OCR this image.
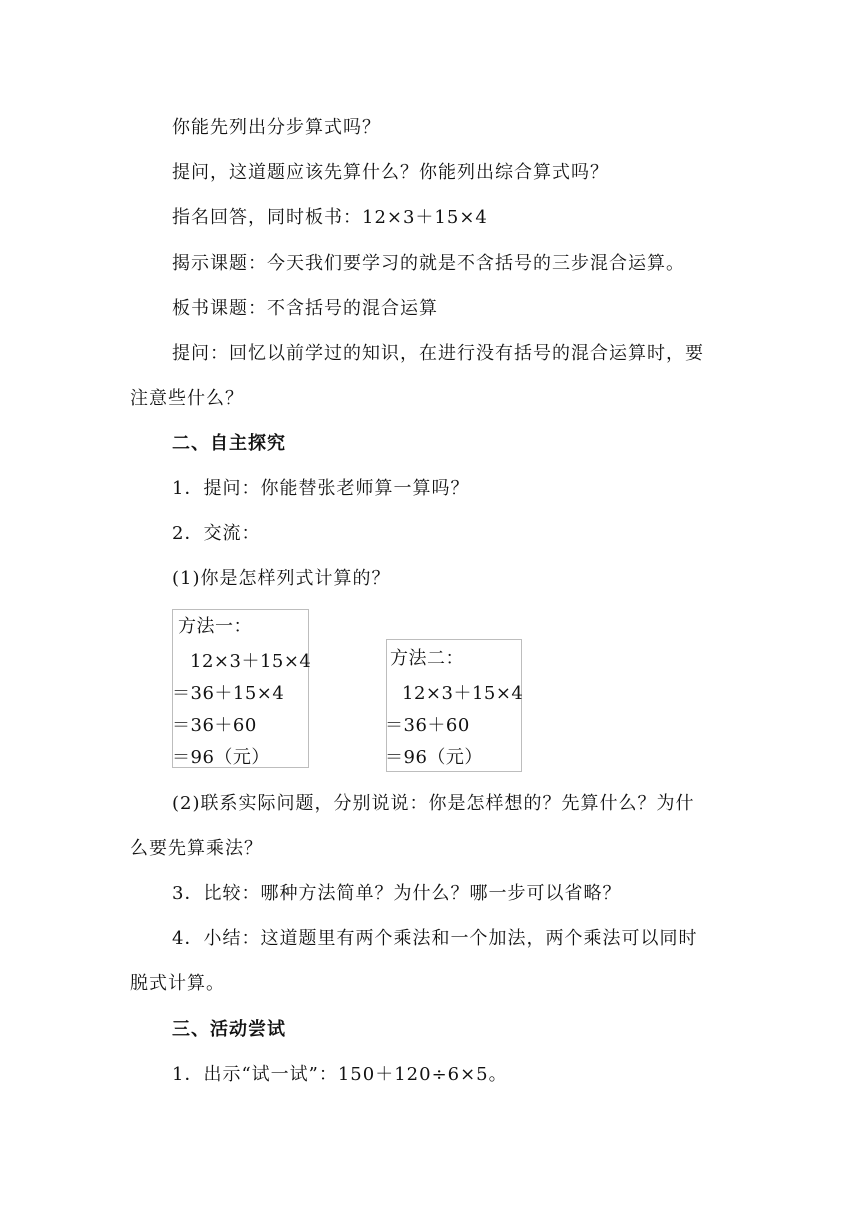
你能先列出分步算式吗？
提问，这道题应该先算什么？你能列出综合算式吗？
指名回答，同时板书：12×3＋15×4
揭示课题：今天我们要学习的就是不含括号的三步混合运算。
板书课题：不含括号的混合运算
提问：回忆以前学过的知识，在进行没有括号的混合运算时，要
注意些什么？
二、自主探究
1．提问：你能替张老师算一算吗？
2．交流：
(1)你是怎样列式计算的？
方法一：
12×3＋15×4
＝36＋15×4
＝36＋60
＝96（元）
方法二：
12×3＋15×4
＝36＋60
＝96（元）
(2)联系实际问题，分别说说：你是怎样想的？先算什么？为什
么要先算乘法？
3．比较：哪种方法简单？为什么？哪一步可以省略？
4．小结：这道题里有两个乘法和一个加法，两个乘法可以同时
脱式计算。
三、活动尝试
1．出示“试一试”：150＋120÷6×5。
